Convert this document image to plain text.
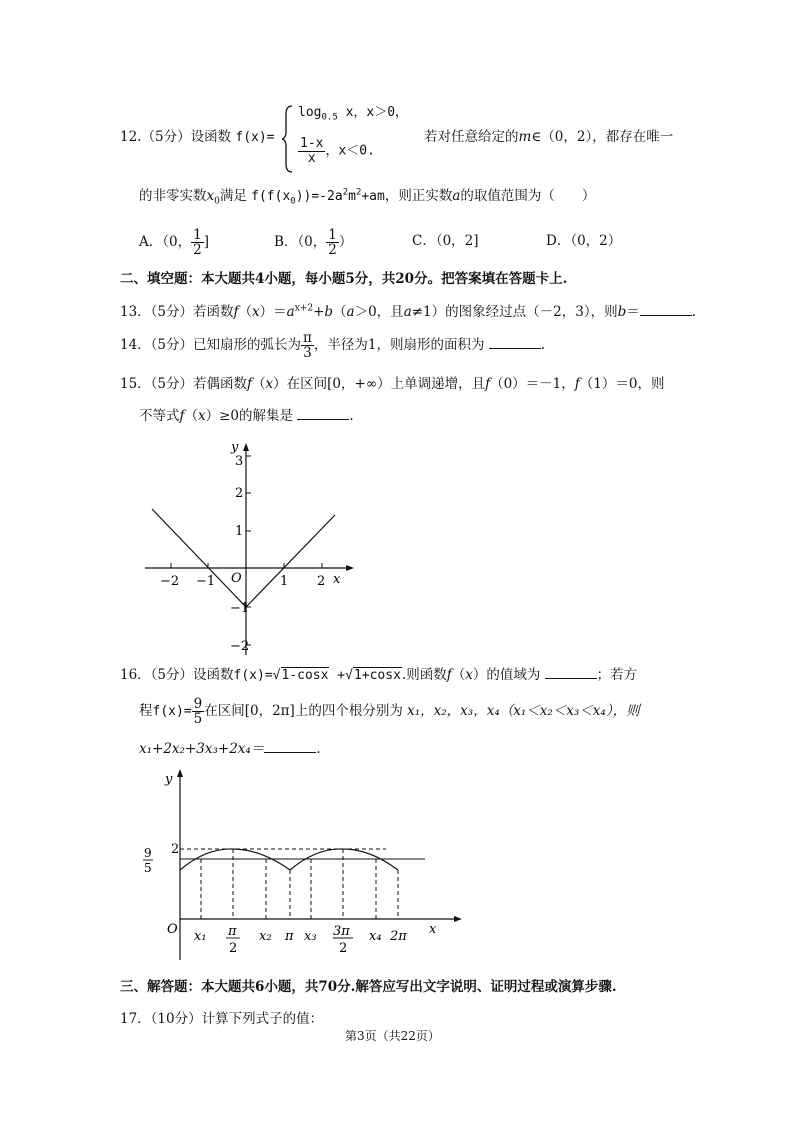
12.（5分）设函数 f(x)=
$\log_{0.5} x$，x＞0，
$\frac{1-x}{x}$ ，x＜0.
若对任意给定的m∈（0，2），都存在唯一
的非零实数$x_0$满足 $f(f(x_0))=-2a^2m^2+am$，则正实数a的取值范围为（　　）
A．（0， $\frac{1}{2}$ ]	B．（0， $\frac{1}{2}$ ）	C．（0，2]	D．（0，2）
二、填空题：本大题共4小题，每小题5分，共20分。把答案填在答题卡上.
13．（5分）若函数$f(x)=a^{x+2}+b(a>0$，且a≠1）的图象经过点（－2，3），则b＝	.
14．（5分）已知扇形的弧长为 $\frac{\pi}{3}$ ，半径为1，则扇形的面积为	.
15．（5分）若偶函数f（x）在区间[0，+∞）上单调递增，且f（0）＝－1，f（1）＝0，则
不等式f（x）≥0的解集是	.
y
x
O
3
2
1
−1
−2
−2 −1	1 2
16．（5分）设函数f(x)=√1-cosx +√1+cosx.则函数f（x）的值域为	；若方
程$f(x)= \frac{9}{5}$ 在区间[0，2π]上的四个根分别为 x₁，x₂，x₃，x₄（x₁＜x₂＜x₃＜x₄），则
x₁+2x₂+3x₃+2x₄＝	.
y
x
O
2
9
5
x₁ π
2
x₂ π x₃ 3π
2
x₄ 2π
三、解答题：本大题共6小题，共70分.解答应写出文字说明、证明过程或演算步骤.
17．（10分）计算下列式子的值：
第3页（共22页）
